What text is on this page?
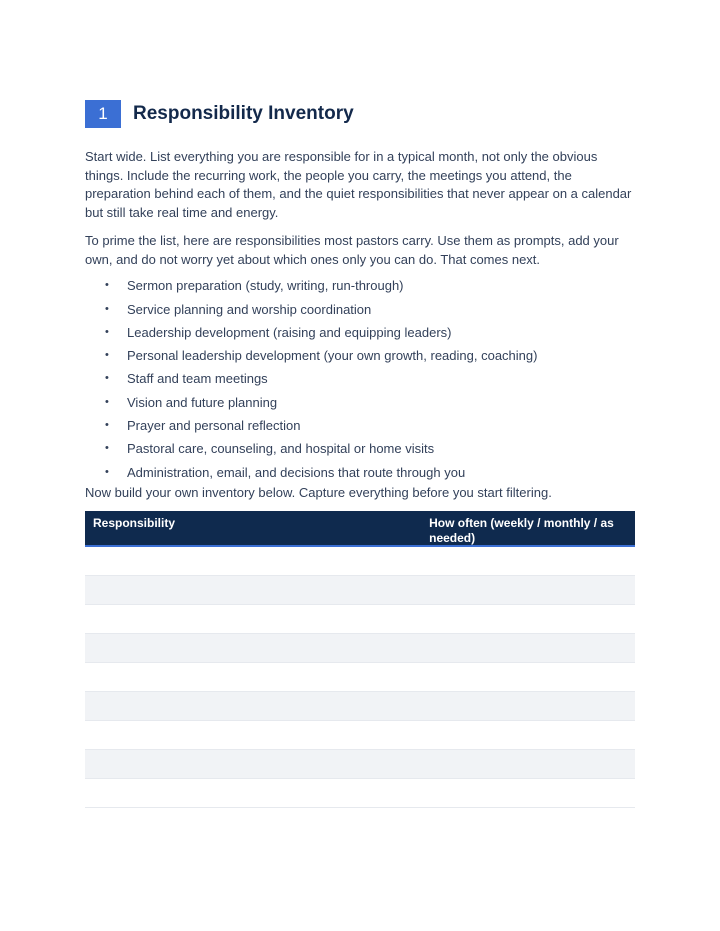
1	Responsibility Inventory

Start wide. List everything you are responsible for in a typical month, not only the obvious things. Include the recurring work, the people you carry, the meetings you attend, the preparation behind each of them, and the quiet responsibilities that never appear on a calendar but still take real time and energy.

To prime the list, here are responsibilities most pastors carry. Use them as prompts, add your own, and do not worry yet about which ones only you can do. That comes next.

• Sermon preparation (study, writing, run-through)
• Service planning and worship coordination
• Leadership development (raising and equipping leaders)
• Personal leadership development (your own growth, reading, coaching)
• Staff and team meetings
• Vision and future planning
• Prayer and personal reflection
• Pastoral care, counseling, and hospital or home visits
• Administration, email, and decisions that route through you

Now build your own inventory below. Capture everything before you start filtering.

Responsibility	How often (weekly / monthly / as needed)
